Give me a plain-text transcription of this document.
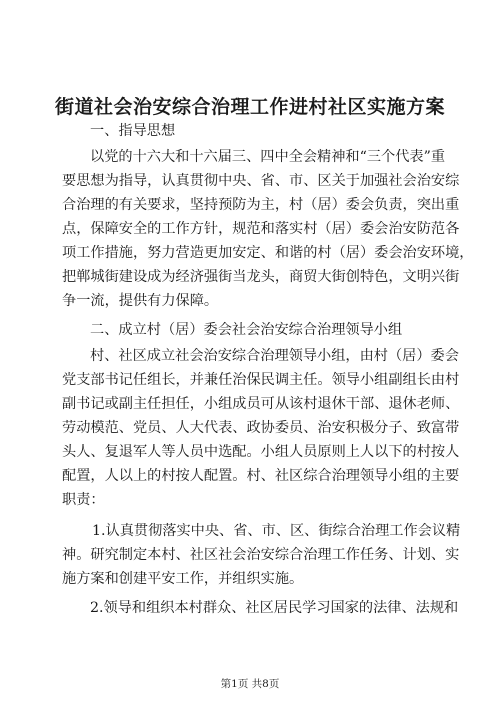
街道社会治安综合治理工作进村社区实施方案
一、指导思想
以党的十六大和十六届三、四中全会精神和“三个代表”重
要思想为指导，认真贯彻中央、省、市、区关于加强社会治安综
合治理的有关要求，坚持预防为主，村（居）委会负责，突出重
点，保障安全的工作方针，规范和落实村（居）委会治安防范各
项工作措施，努力营造更加安定、和谐的村（居）委会治安环境，
把郸城街建设成为经济强街当龙头，商贸大街创特色，文明兴街
争一流，提供有力保障。
二、成立村（居）委会社会治安综合治理领导小组
村、社区成立社会治安综合治理领导小组，由村（居）委会
党支部书记任组长，并兼任治保民调主任。领导小组副组长由村
副书记或副主任担任，小组成员可从该村退休干部、退休老师、
劳动模范、党员、人大代表、政协委员、治安积极分子、致富带
头人、复退军人等人员中选配。小组人员原则上人以下的村按人
配置，人以上的村按人配置。村、社区综合治理领导小组的主要
职责：
1.认真贯彻落实中央、省、市、区、街综合治理工作会议精
神。研究制定本村、社区社会治安综合治理工作任务、计划、实
施方案和创建平安工作，并组织实施。
2.领导和组织本村群众、社区居民学习国家的法律、法规和
第1页 共8页
